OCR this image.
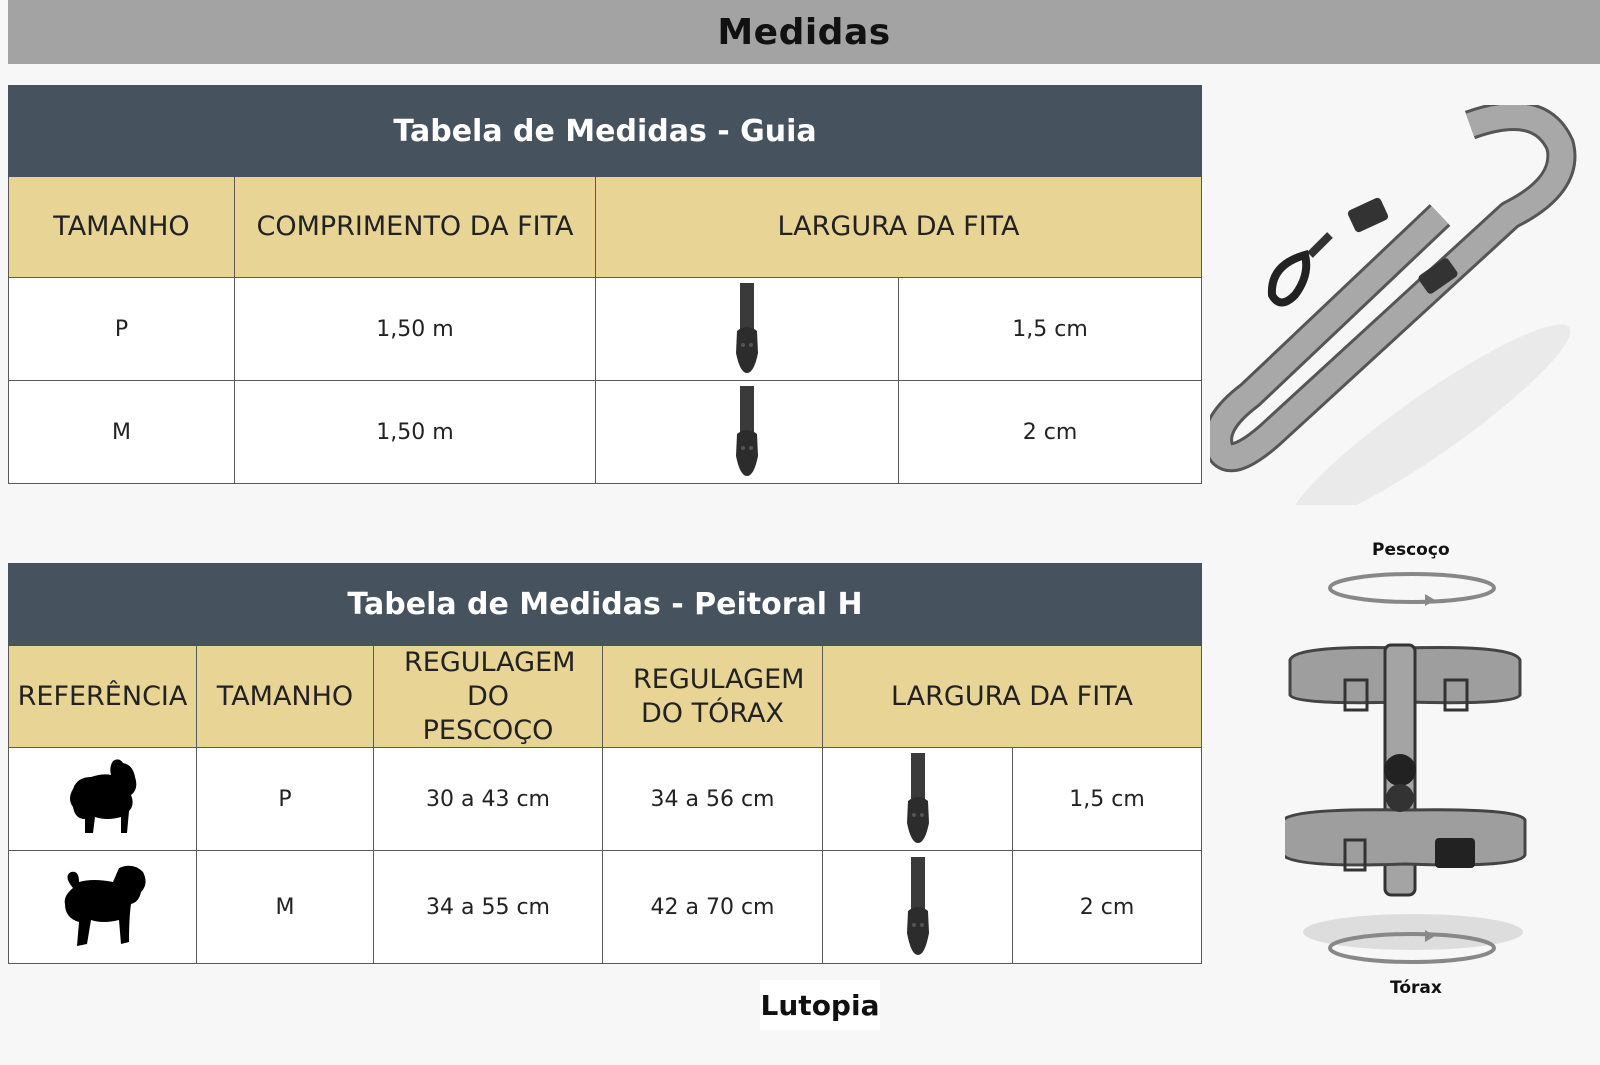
Medidas
Tabela de Medidas - Guia			
TAMANHO	COMPRIMENTO DA FITA	LARGURA DA FITA	
P	1,50 m		1,5 cm
M	1,50 m		2 cm
Tabela de Medidas - Peitoral H					
REFERÊNCIA	TAMANHO	REGULAGEM DO PESCOÇO	REGULAGEM DO TÓRAX	LARGURA DA FITA	
	P	30 a 43 cm	34 a 56 cm		1,5 cm
	M	34 a 55 cm	42 a 70 cm		2 cm
Pescoço
Tórax
Lutopia
